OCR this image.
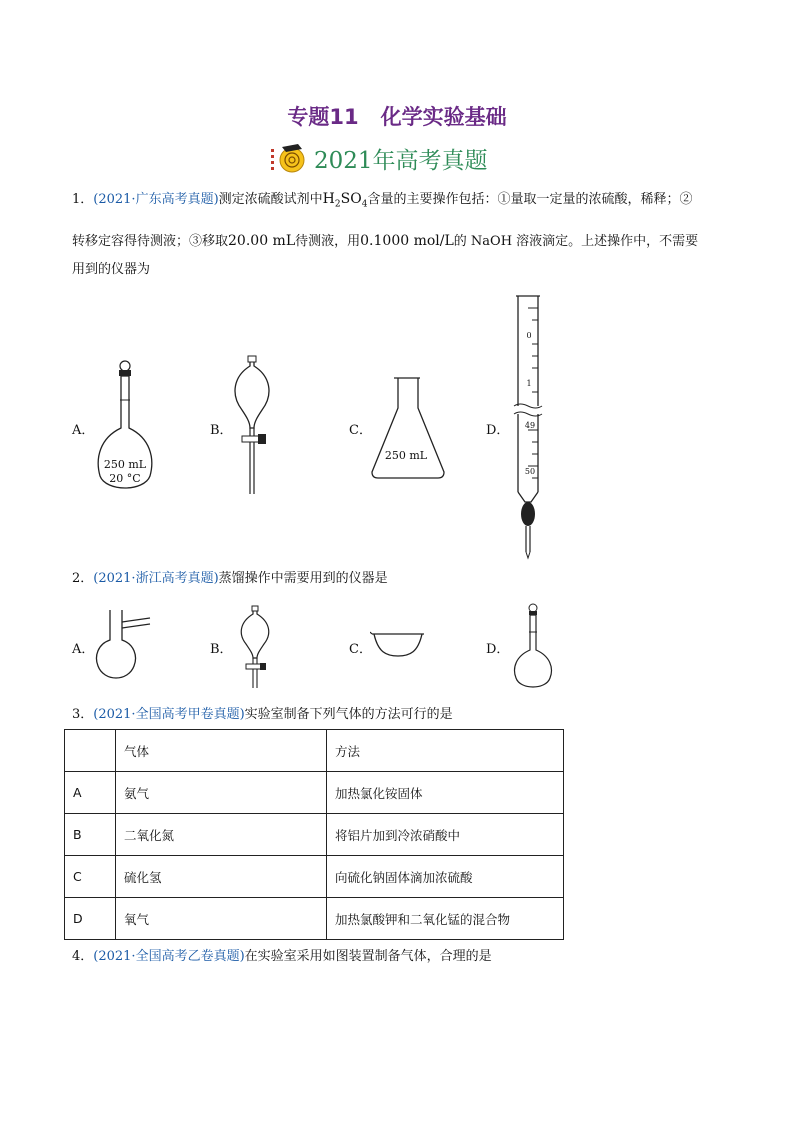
专题11 化学实验基础
2021年高考真题
1．(2021·广东高考真题)测定浓硫酸试剂中$H_2SO_4$含量的主要操作包括：①量取一定量的浓硫酸，稀释；②
转移定容得待测液；③移取20.00 mL待测液，用0.1000 mol/L的 NaOH 溶液滴定。上述操作中，不需要
用到的仪器为
A．	B．	C．	D．
250 mL
20 °C
250 mL
0
1
49
50
2．(2021·浙江高考真题)蒸馏操作中需要用到的仪器是
A．	B．	C．	D．
3．(2021·全国高考甲卷真题)实验室制备下列气体的方法可行的是
	气体	方法
A	氨气	加热氯化铵固体
B	二氧化氮	将铝片加到冷浓硝酸中
C	硫化氢	向硫化钠固体滴加浓硫酸
D	氧气	加热氯酸钾和二氧化锰的混合物
4．(2021·全国高考乙卷真题)在实验室采用如图装置制备气体，合理的是
